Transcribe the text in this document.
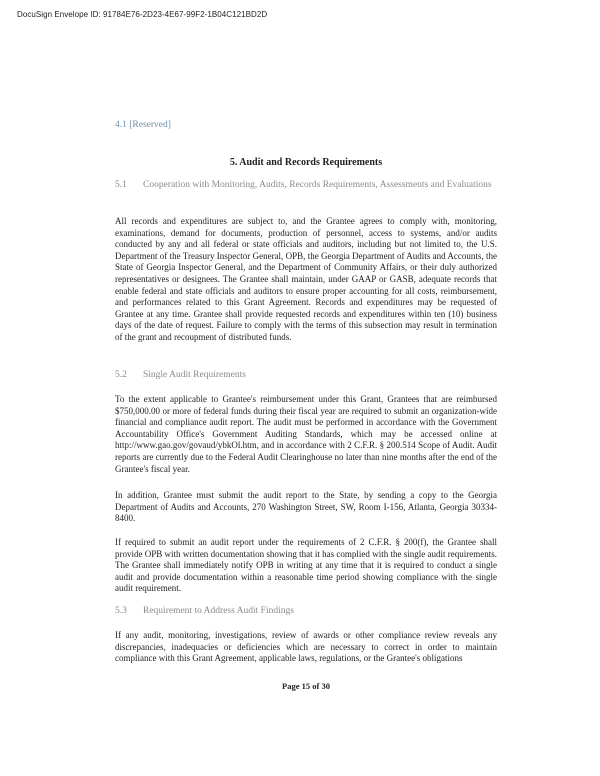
DocuSign Envelope ID: 91784E76-2D23-4E67-99F2-1B04C121BD2D
4.1 [Reserved]
5. Audit and Records Requirements
5.1	Cooperation with Monitoring, Audits, Records Requirements, Assessments and Evaluations
All records and expenditures are subject to, and the Grantee agrees to comply with, monitoring, examinations, demand for documents, production of personnel, access to systems, and/or audits conducted by any and all federal or state officials and auditors, including but not limited to, the U.S. Department of the Treasury Inspector General, OPB, the Georgia Department of Audits and Accounts, the State of Georgia Inspector General, and the Department of Community Affairs, or their duly authorized representatives or designees. The Grantee shall maintain, under GAAP or GASB, adequate records that enable federal and state officials and auditors to ensure proper accounting for all costs, reimbursement, and performances related to this Grant Agreement. Records and expenditures may be requested of Grantee at any time. Grantee shall provide requested records and expenditures within ten (10) business days of the date of request. Failure to comply with the terms of this subsection may result in termination of the grant and recoupment of distributed funds.
5.2	Single Audit Requirements
To the extent applicable to Grantee's reimbursement under this Grant, Grantees that are reimbursed $750,000.00 or more of federal funds during their fiscal year are required to submit an organization-wide financial and compliance audit report. The audit must be performed in accordance with the Government Accountability Office's Government Auditing Standards, which may be accessed online at http://www.gao.gov/govaud/ybkOl.htm, and in accordance with 2 C.F.R. § 200.514 Scope of Audit. Audit reports are currently due to the Federal Audit Clearinghouse no later than nine months after the end of the Grantee's fiscal year.
In addition, Grantee must submit the audit report to the State, by sending a copy to the Georgia Department of Audits and Accounts, 270 Washington Street, SW, Room I-156, Atlanta, Georgia 30334-8400.
If required to submit an audit report under the requirements of 2 C.F.R. § 200(f), the Grantee shall provide OPB with written documentation showing that it has complied with the single audit requirements. The Grantee shall immediately notify OPB in writing at any time that it is required to conduct a single audit and provide documentation within a reasonable time period showing compliance with the single audit requirement.
5.3	Requirement to Address Audit Findings
If any audit, monitoring, investigations, review of awards or other compliance review reveals any discrepancies, inadequacies or deficiencies which are necessary to correct in order to maintain compliance with this Grant Agreement, applicable laws, regulations, or the Grantee's obligations
Page 15 of 30
